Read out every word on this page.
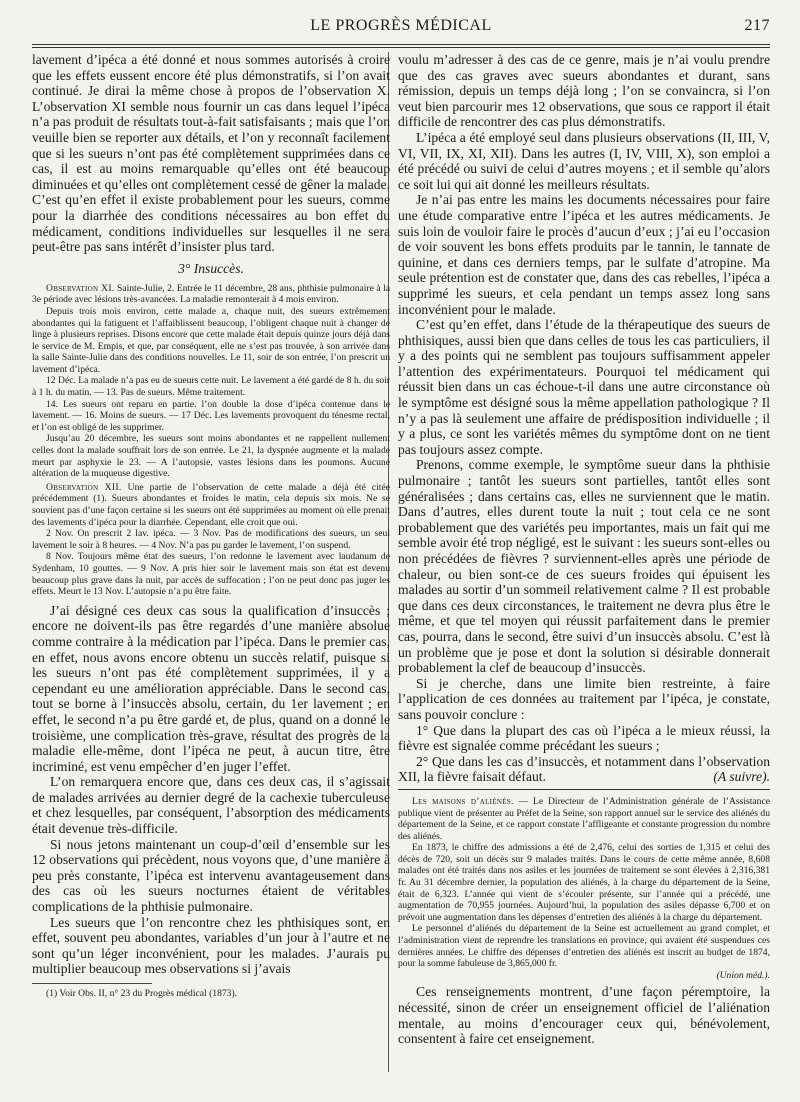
LE PROGRÈS MÉDICAL	217

lavement d’ipéca a été donné et nous sommes autorisés à croire que les effets eussent encore été plus démonstratifs, si l’on avait continué. Je dirai la même chose à propos de l’observation X. L’observation XI semble nous fournir un cas dans lequel l’ipéca n’a pas produit de résultats tout-à-fait satisfaisants ; mais que l’on veuille bien se reporter aux détails, et l’on y reconnaît facilement que si les sueurs n’ont pas été complètement supprimées dans ce cas, il est au moins remarquable qu’elles ont été beaucoup diminuées et qu’elles ont complètement cessé de gêner la malade. C’est qu’en effet il existe probablement pour les sueurs, comme pour la diarrhée des conditions nécessaires au bon effet du médicament, conditions individuelles sur lesquelles il ne sera peut-être pas sans intérêt d’insister plus tard.

3° Insuccès.

Observation XI. Sainte-Julie, 2. Entrée le 11 décembre, 28 ans, phthisie pulmonaire à la 3e période avec lésions très-avancées. La maladie remonterait à 4 mois environ.

Depuis trois mois environ, cette malade a, chaque nuit, des sueurs extrêmement abondantes qui la fatiguent et l’affaiblissent beaucoup, l’obligent chaque nuit à changer de linge à plusieurs reprises. Disons encore que cette malade était depuis quinze jours déjà dans le service de M. Empis, et que, par conséquent, elle ne s’est pas trouvée, à son arrivée dans la salle Sainte-Julie dans des conditions nouvelles. Le 11, soir de son entrée, l’on prescrit un lavement d’ipéca.

12 Déc. La malade n’a pas eu de sueurs cette nuit. Le lavement a été gardé de 8 h. du soir à 1 h. du matin. — 13. Pas de sueurs. Même traitement.

14. Les sueurs ont reparu en partie. l’on double la dose d’ipéca contenue dans le lavement. — 16. Moins de sueurs. — 17 Déc. Les lavements provoquent du ténesme rectal, et l’on est obligé de les supprimer.

Jusqu’au 20 décembre, les sueurs sont moins abondantes et ne rappellent nullement celles dont la malade souffrait lors de son entrée. Le 21, la dyspnée augmente et la malade meurt par asphyxie le 23. — A l’autopsie, vastes lésions dans les poumons. Aucune altération de la muqueuse digestive.

Observation XII. Une partie de l’observation de cette malade a déjà été citée précédemment (1). Sueurs abondantes et froides le matin, cela depuis six mois. Ne se souvient pas d’une façon certaine si les sueurs ont été supprimées au moment où elle prenait des lavements d’ipéca pour la diarrhée. Cependant, elle croit que oui.

2 Nov. On prescrit 2 lav. ipéca. — 3 Nov. Pas de modifications des sueurs, un seul lavement le soir à 8 heures. — 4 Nov. N’a pas pu garder le lavement, l’on suspend.

8 Nov. Toujours même état des sueurs, l’on redonne le lavement avec laudanum de Sydenham, 10 gouttes. — 9 Nov. A pris hier soir le lavement mais son état est devenu beaucoup plus grave dans la nuit, par accès de suffocation ; l’on ne peut donc pas juger les effets. Meurt le 13 Nov. L’autopsie n’a pu être faite.

J’ai désigné ces deux cas sous la qualification d’insuccès ; encore ne doivent-ils pas être regardés d’une manière absolue comme contraire à la médication par l’ipéca. Dans le premier cas, en effet, nous avons encore obtenu un succès relatif, puisque si les sueurs n’ont pas été complètement supprimées, il y a cependant eu une amélioration appréciable. Dans le second cas, tout se borne à l’insuccès absolu, certain, du 1er lavement ; en effet, le second n’a pu être gardé et, de plus, quand on a donné le troisième, une complication très-grave, résultat des progrès de la maladie elle-même, dont l’ipéca ne peut, à aucun titre, être incriminé, est venu empêcher d’en juger l’effet.

L’on remarquera encore que, dans ces deux cas, il s’agissait de malades arrivées au dernier degré de la cachexie tuberculeuse et chez lesquelles, par conséquent, l’absorption des médicaments était devenue très-difficile.

Si nous jetons maintenant un coup-d’œil d’ensemble sur les 12 observations qui précèdent, nous voyons que, d’une manière à peu près constante, l’ipéca est intervenu avantageusement dans des cas où les sueurs nocturnes étaient de véritables complications de la phthisie pulmonaire.

Les sueurs que l’on rencontre chez les phthisiques sont, en effet, souvent peu abondantes, variables d’un jour à l’autre et ne sont qu’un léger inconvénient, pour les malades. J’aurais pu multiplier beaucoup mes observations si j’avais

(1) Voir Obs. II, n° 23 du Progrès médical (1873).

voulu m’adresser à des cas de ce genre, mais je n’ai voulu prendre que des cas graves avec sueurs abondantes et durant, sans rémission, depuis un temps déjà long ; l’on se convaincra, si l’on veut bien parcourir mes 12 observations, que sous ce rapport il était difficile de rencontrer des cas plus démonstratifs.

L’ipéca a été employé seul dans plusieurs observations (II, III, V, VI, VII, IX, XI, XII). Dans les autres (I, IV, VIII, X), son emploi a été précédé ou suivi de celui d’autres moyens ; et il semble qu’alors ce soit lui qui ait donné les meilleurs résultats.

Je n’ai pas entre les mains les documents nécessaires pour faire une étude comparative entre l’ipéca et les autres médicaments. Je suis loin de vouloir faire le procès d’aucun d’eux ; j’ai eu l’occasion de voir souvent les bons effets produits par le tannin, le tannate de quinine, et dans ces derniers temps, par le sulfate d’atropine. Ma seule prétention est de constater que, dans des cas rebelles, l’ipéca a supprimé les sueurs, et cela pendant un temps assez long sans inconvénient pour le malade.

C’est qu’en effet, dans l’étude de la thérapeutique des sueurs de phthisiques, aussi bien que dans celles de tous les cas particuliers, il y a des points qui ne semblent pas toujours suffisamment appeler l’attention des expérimentateurs. Pourquoi tel médicament qui réussit bien dans un cas échoue-t-il dans une autre circonstance où le symptôme est désigné sous la même appellation pathologique ? Il n’y a pas là seulement une affaire de prédisposition individuelle ; il y a plus, ce sont les variétés mêmes du symptôme dont on ne tient pas toujours assez compte.

Prenons, comme exemple, le symptôme sueur dans la phthisie pulmonaire ; tantôt les sueurs sont partielles, tantôt elles sont généralisées ; dans certains cas, elles ne surviennent que le matin. Dans d’autres, elles durent toute la nuit ; tout cela ce ne sont probablement que des variétés peu importantes, mais un fait qui me semble avoir été trop négligé, est le suivant : les sueurs sont-elles ou non précédées de fièvres ? surviennent-elles après une période de chaleur, ou bien sont-ce de ces sueurs froides qui épuisent les malades au sortir d’un sommeil relativement calme ? Il est probable que dans ces deux circonstances, le traitement ne devra plus être le même, et que tel moyen qui réussit parfaitement dans le premier cas, pourra, dans le second, être suivi d’un insuccès absolu. C’est là un problème que je pose et dont la solution si désirable donnerait probablement la clef de beaucoup d’insuccès.

Si je cherche, dans une limite bien restreinte, à faire l’application de ces données au traitement par l’ipéca, je constate, sans pouvoir conclure :

1° Que dans la plupart des cas où l’ipéca a le mieux réussi, la fièvre est signalée comme précédant les sueurs ;

2° Que dans les cas d’insuccès, et notamment dans l’observation XII, la fièvre faisait défaut.	(A suivre).

Les maisons d’aliénés. — Le Directeur de l’Administration générale de l’Assistance publique vient de présenter au Préfet de la Seine, son rapport annuel sur le service des aliénés du département de la Seine, et ce rapport constate l’affligeante et constante progression du nombre des aliénés.

En 1873, le chiffre des admissions a été de 2,476, celui des sorties de 1,315 et celui des décès de 720, soit un décès sur 9 malades traités. Dans le cours de cette même année, 8,608 malades ont été traités dans nos asiles et les journées de traitement se sont élevées à 2,316,381 fr. Au 31 décembre dernier, la population des aliénés, à la charge du département de la Seine, était de 6,323. L’année qui vient de s’écouler présente, sur l’année qui a précédé, une augmentation de 70,955 journées. Aujourd’hui, la population des asiles dépasse 6,700 et on prévoit une augmentation dans les dépenses d’entretien des aliénés à la charge du département.

Le personnel d’aliénés du département de la Seine est actuellement au grand complet, et l’administration vient de reprendre les translations en province, qui avaient été suspendues ces dernières années. Le chiffre des dépenses d’entretien des aliénés est inscrit au budget de 1874, pour la somme fabuleuse de 3,865,000 fr.

(Union méd.).

Ces renseignements montrent, d’une façon péremptoire, la nécessité, sinon de créer un enseignement officiel de l’aliénation mentale, au moins d’encourager ceux qui, bénévolement, consentent à faire cet enseignement.
